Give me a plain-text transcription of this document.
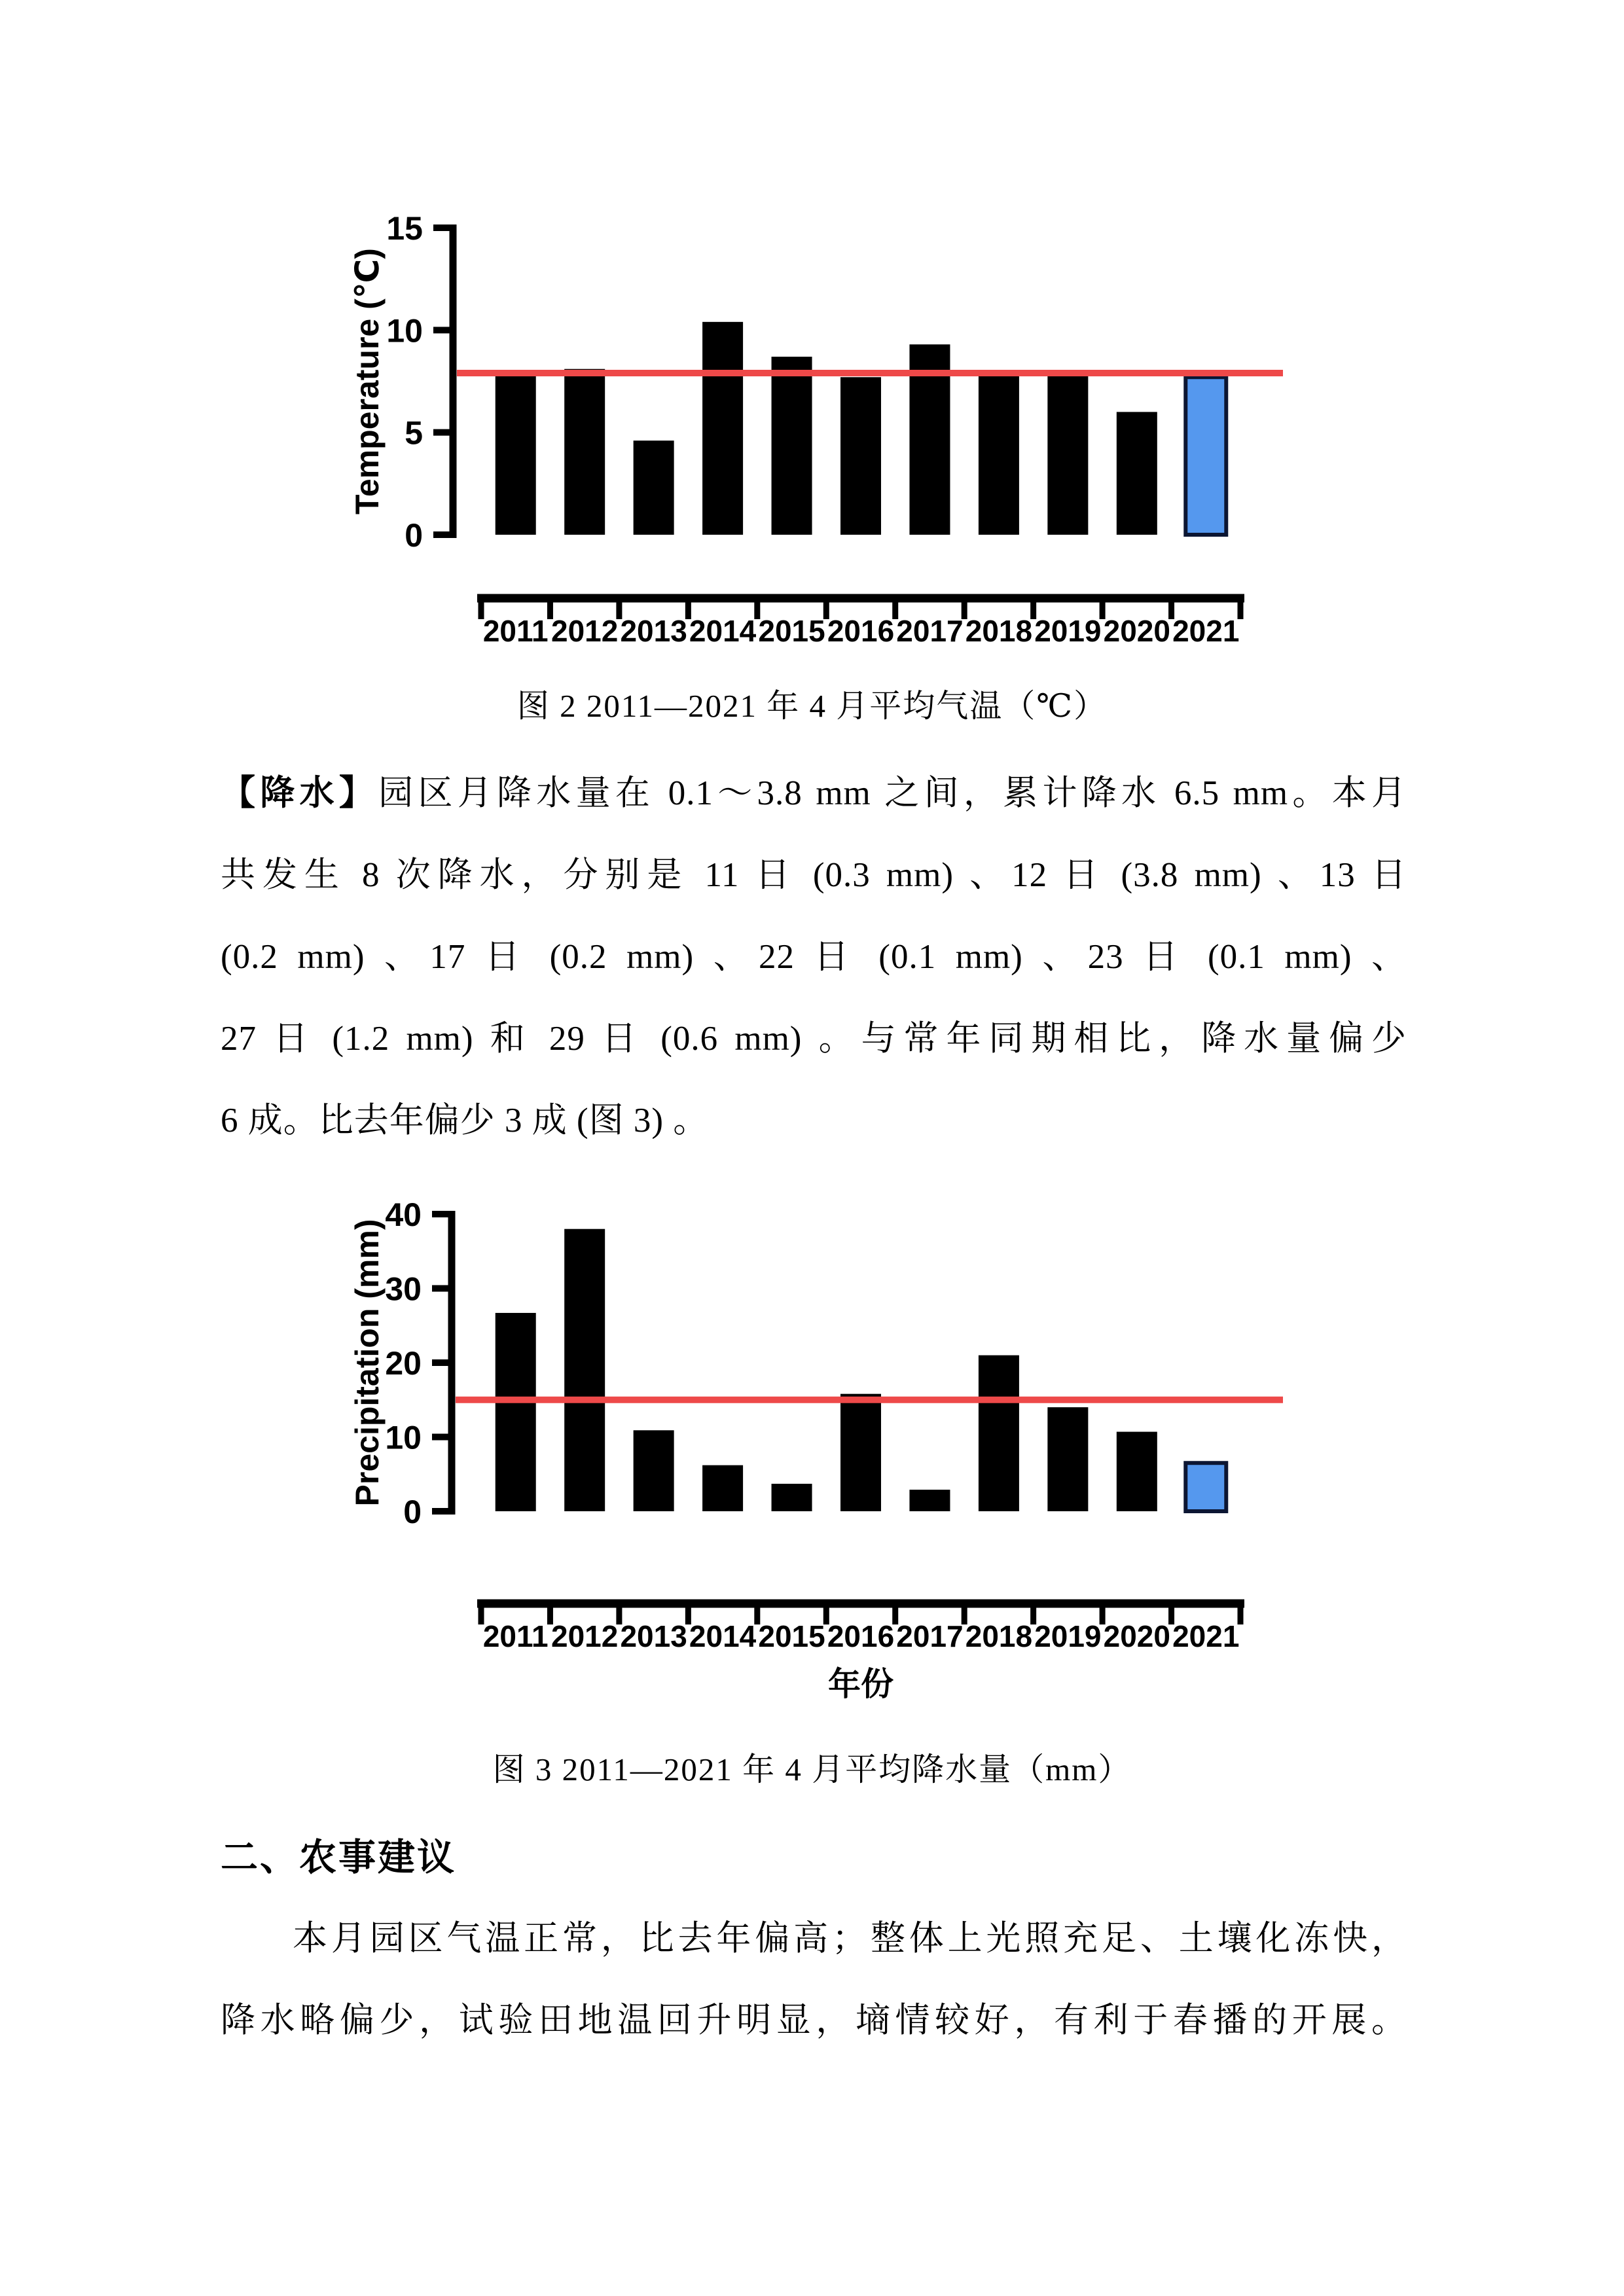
0
5
10
15
Temperature (℃)
2011 2012 2013 2014 2015 2016 2017 2018 2019 2020 2021
图 2 2011—2021 年 4 月平均气温（℃）
【降水】园区月降水量在 0.1～3.8 mm 之间，累计降水 6.5 mm。本月
共发生 8 次降水，分别是 11 日 (0.3 mm) 、12 日 (3.8 mm) 、13 日
(0.2 mm) 、17 日 (0.2 mm) 、22 日 (0.1 mm) 、23 日 (0.1 mm) 、
27 日 (1.2 mm) 和 29 日 (0.6 mm) 。与常年同期相比，降水量偏少
6 成。比去年偏少 3 成 (图 3) 。
0
10
20
30
40
Precipitation (mm)
2011 2012 2013 2014 2015 2016 2017 2018 2019 2020 2021
年份
图 3 2011—2021 年 4 月平均降水量（mm）
二、农事建议
本月园区气温正常，比去年偏高；整体上光照充足、土壤化冻快，
降水略偏少，试验田地温回升明显，墒情较好，有利于春播的开展。
